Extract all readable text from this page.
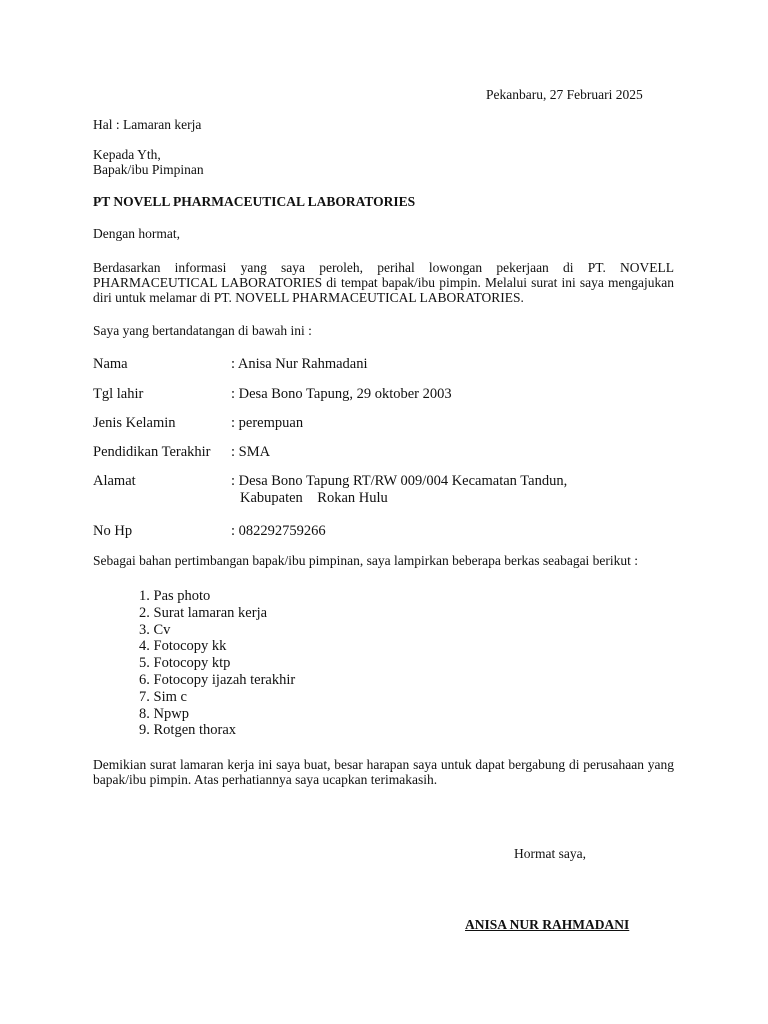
Pekanbaru, 27 Februari 2025
Hal : Lamaran kerja
Kepada Yth,
Bapak/ibu Pimpinan
PT NOVELL PHARMACEUTICAL LABORATORIES
Dengan hormat,
Berdasarkan informasi yang saya peroleh, perihal lowongan pekerjaan di PT. NOVELL PHARMACEUTICAL LABORATORIES di tempat bapak/ibu pimpin. Melalui surat ini saya mengajukan diri untuk melamar di PT. NOVELL PHARMACEUTICAL LABORATORIES.
Saya yang bertandatangan di bawah ini :
Nama	: Anisa Nur Rahmadani
Tgl lahir	: Desa Bono Tapung, 29 oktober 2003
Jenis Kelamin	: perempuan
Pendidikan Terakhir : SMA
Alamat	: Desa Bono Tapung RT/RW 009/004 Kecamatan Tandun,
Kabupaten    Rokan Hulu
No Hp	: 082292759266
Sebagai bahan pertimbangan bapak/ibu pimpinan, saya lampirkan beberapa berkas seabagai berikut :
1. Pas photo
2. Surat lamaran kerja
3. Cv
4. Fotocopy kk
5. Fotocopy ktp
6. Fotocopy ijazah terakhir
7. Sim c
8. Npwp
9. Rotgen thorax
Demikian surat lamaran kerja ini saya buat, besar harapan saya untuk dapat bergabung di perusahaan yang bapak/ibu pimpin. Atas perhatiannya saya ucapkan terimakasih.
Hormat saya,
ANISA NUR RAHMADANI
